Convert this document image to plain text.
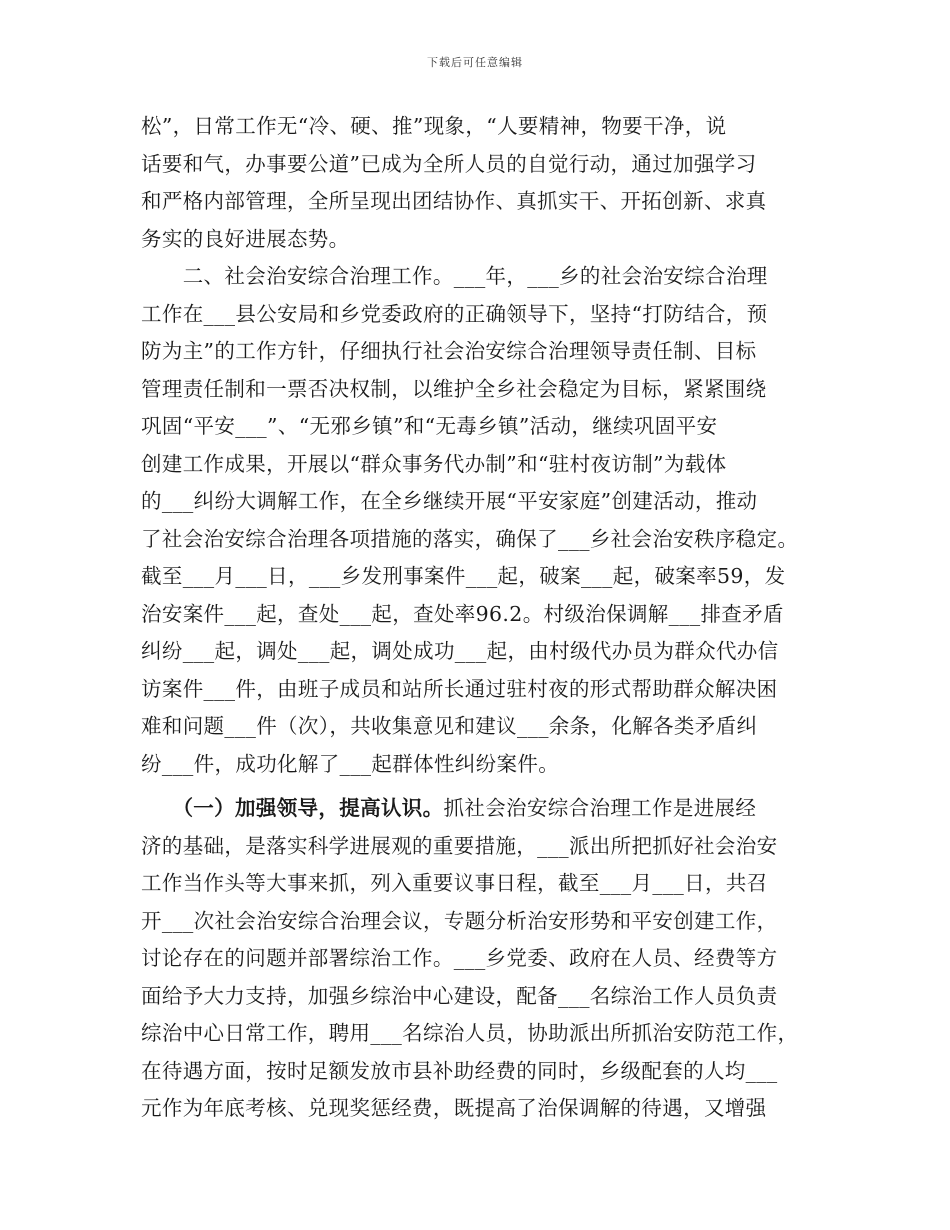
下载后可任意编辑
松”，日常工作无“冷、硬、推”现象，“人要精神，物要干净，说
话要和气，办事要公道”已成为全所人员的自觉行动，通过加强学习
和严格内部管理，全所呈现出团结协作、真抓实干、开拓创新、求真
务实的良好进展态势。
　　二、社会治安综合治理工作。___年，___乡的社会治安综合治理
工作在___县公安局和乡党委政府的正确领导下，坚持“打防结合，预
防为主”的工作方针，仔细执行社会治安综合治理领导责任制、目标
管理责任制和一票否决权制，以维护全乡社会稳定为目标，紧紧围绕
巩固“平安___”、“无邪乡镇”和“无毒乡镇”活动，继续巩固平安
创建工作成果，开展以“群众事务代办制”和“驻村夜访制”为载体
的___纠纷大调解工作，在全乡继续开展“平安家庭”创建活动，推动
了社会治安综合治理各项措施的落实，确保了___乡社会治安秩序稳定。
截至___月___日，___乡发刑事案件___起，破案___起，破案率59，发
治安案件___起，查处___起，查处率96.2。村级治保调解___排查矛盾
纠纷___起，调处___起，调处成功___起，由村级代办员为群众代办信
访案件___件，由班子成员和站所长通过驻村夜的形式帮助群众解决困
难和问题___件（次），共收集意见和建议___余条，化解各类矛盾纠
纷___件，成功化解了___起群体性纠纷案件。
　　（一）加强领导，提高认识。抓社会治安综合治理工作是进展经
济的基础，是落实科学进展观的重要措施，___派出所把抓好社会治安
工作当作头等大事来抓，列入重要议事日程，截至___月___日，共召
开___次社会治安综合治理会议，专题分析治安形势和平安创建工作，
讨论存在的问题并部署综治工作。___乡党委、政府在人员、经费等方
面给予大力支持，加强乡综治中心建设，配备___名综治工作人员负责
综治中心日常工作，聘用___名综治人员，协助派出所抓治安防范工作，
在待遇方面，按时足额发放市县补助经费的同时，乡级配套的人均___
元作为年底考核、兑现奖惩经费，既提高了治保调解的待遇，又增强
